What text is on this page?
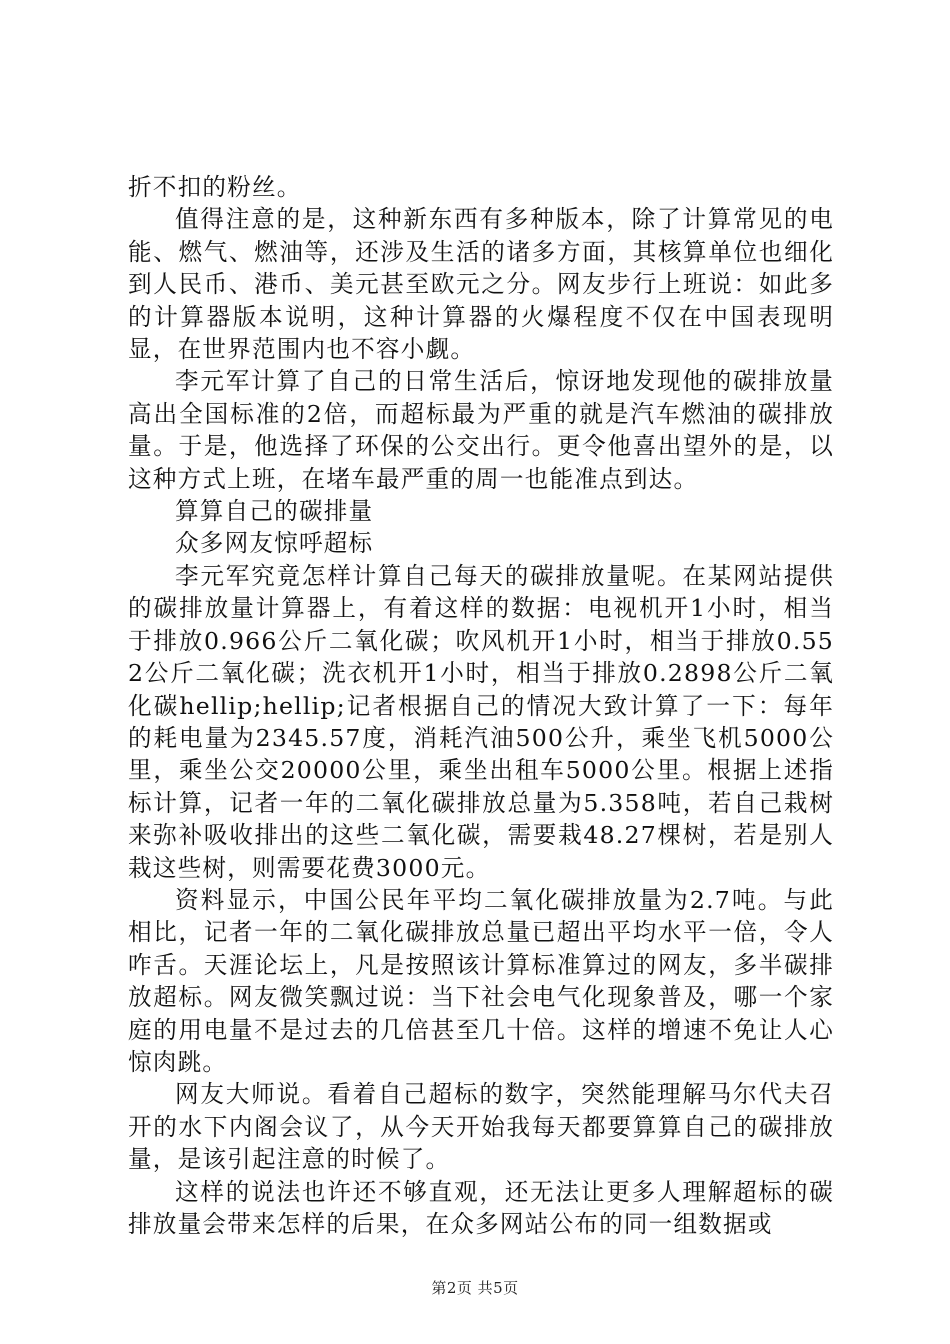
折不扣的粉丝。

值得注意的是，这种新东西有多种版本，除了计算常见的电能、燃气、燃油等，还涉及生活的诸多方面，其核算单位也细化到人民币、港币、美元甚至欧元之分。网友步行上班说：如此多的计算器版本说明，这种计算器的火爆程度不仅在中国表现明显，在世界范围内也不容小觑。

李元军计算了自己的日常生活后，惊讶地发现他的碳排放量高出全国标准的2倍，而超标最为严重的就是汽车燃油的碳排放量。于是，他选择了环保的公交出行。更令他喜出望外的是，以这种方式上班，在堵车最严重的周一也能准点到达。

算算自己的碳排量

众多网友惊呼超标

李元军究竟怎样计算自己每天的碳排放量呢。在某网站提供的碳排放量计算器上，有着这样的数据：电视机开1小时，相当于排放0.966公斤二氧化碳；吹风机开1小时，相当于排放0.552公斤二氧化碳；洗衣机开1小时，相当于排放0.2898公斤二氧化碳hellip;hellip;记者根据自己的情况大致计算了一下：每年的耗电量为2345.57度，消耗汽油500公升，乘坐飞机5000公里，乘坐公交20000公里，乘坐出租车5000公里。根据上述指标计算，记者一年的二氧化碳排放总量为5.358吨，若自己栽树来弥补吸收排出的这些二氧化碳，需要栽48.27棵树，若是别人栽这些树，则需要花费3000元。

资料显示，中国公民年平均二氧化碳排放量为2.7吨。与此相比，记者一年的二氧化碳排放总量已超出平均水平一倍，令人咋舌。天涯论坛上，凡是按照该计算标准算过的网友，多半碳排放超标。网友微笑飘过说：当下社会电气化现象普及，哪一个家庭的用电量不是过去的几倍甚至几十倍。这样的增速不免让人心惊肉跳。

网友大师说。看着自己超标的数字，突然能理解马尔代夫召开的水下内阁会议了，从今天开始我每天都要算算自己的碳排放量，是该引起注意的时候了。

这样的说法也许还不够直观，还无法让更多人理解超标的碳排放量会带来怎样的后果，在众多网站公布的同一组数据或

第2页 共5页
